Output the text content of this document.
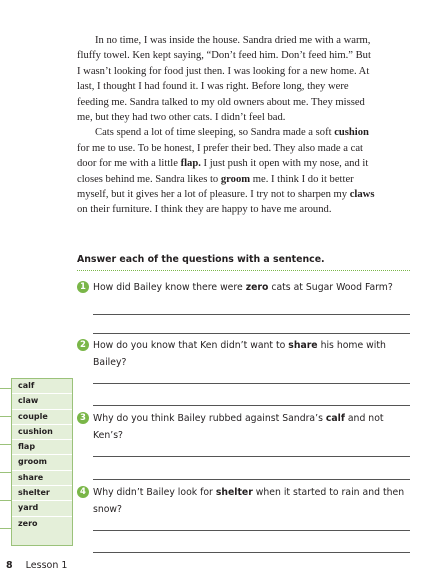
In no time, I was inside the house. Sandra dried me with a warm, fluffy towel. Ken kept saying, “Don’t feed him. Don’t feed him.” But I wasn’t looking for food just then. I was looking for a new home. At last, I thought I had found it. I was right. Before long, they were feeding me. Sandra talked to my old owners about me. They missed me, but they had two other cats. I didn’t feel bad.

Cats spend a lot of time sleeping, so Sandra made a soft cushion for me to use. To be honest, I prefer their bed. They also made a cat door for me with a little flap. I just push it open with my nose, and it closes behind me. Sandra likes to groom me. I think I do it better myself, but it gives her a lot of pleasure. I try not to sharpen my claws on their furniture. I think they are happy to have me around.

Answer each of the questions with a sentence.
1 How did Bailey know there were zero cats at Sugar Wood Farm?
2 How do you know that Ken didn’t want to share his home with Bailey?
3 Why do you think Bailey rubbed against Sandra’s calf and not Ken’s?
4 Why didn’t Bailey look for shelter when it started to rain and then snow?
calf
claw
couple
cushion
flap
groom
share
shelter
yard
zero
8 Lesson 1
